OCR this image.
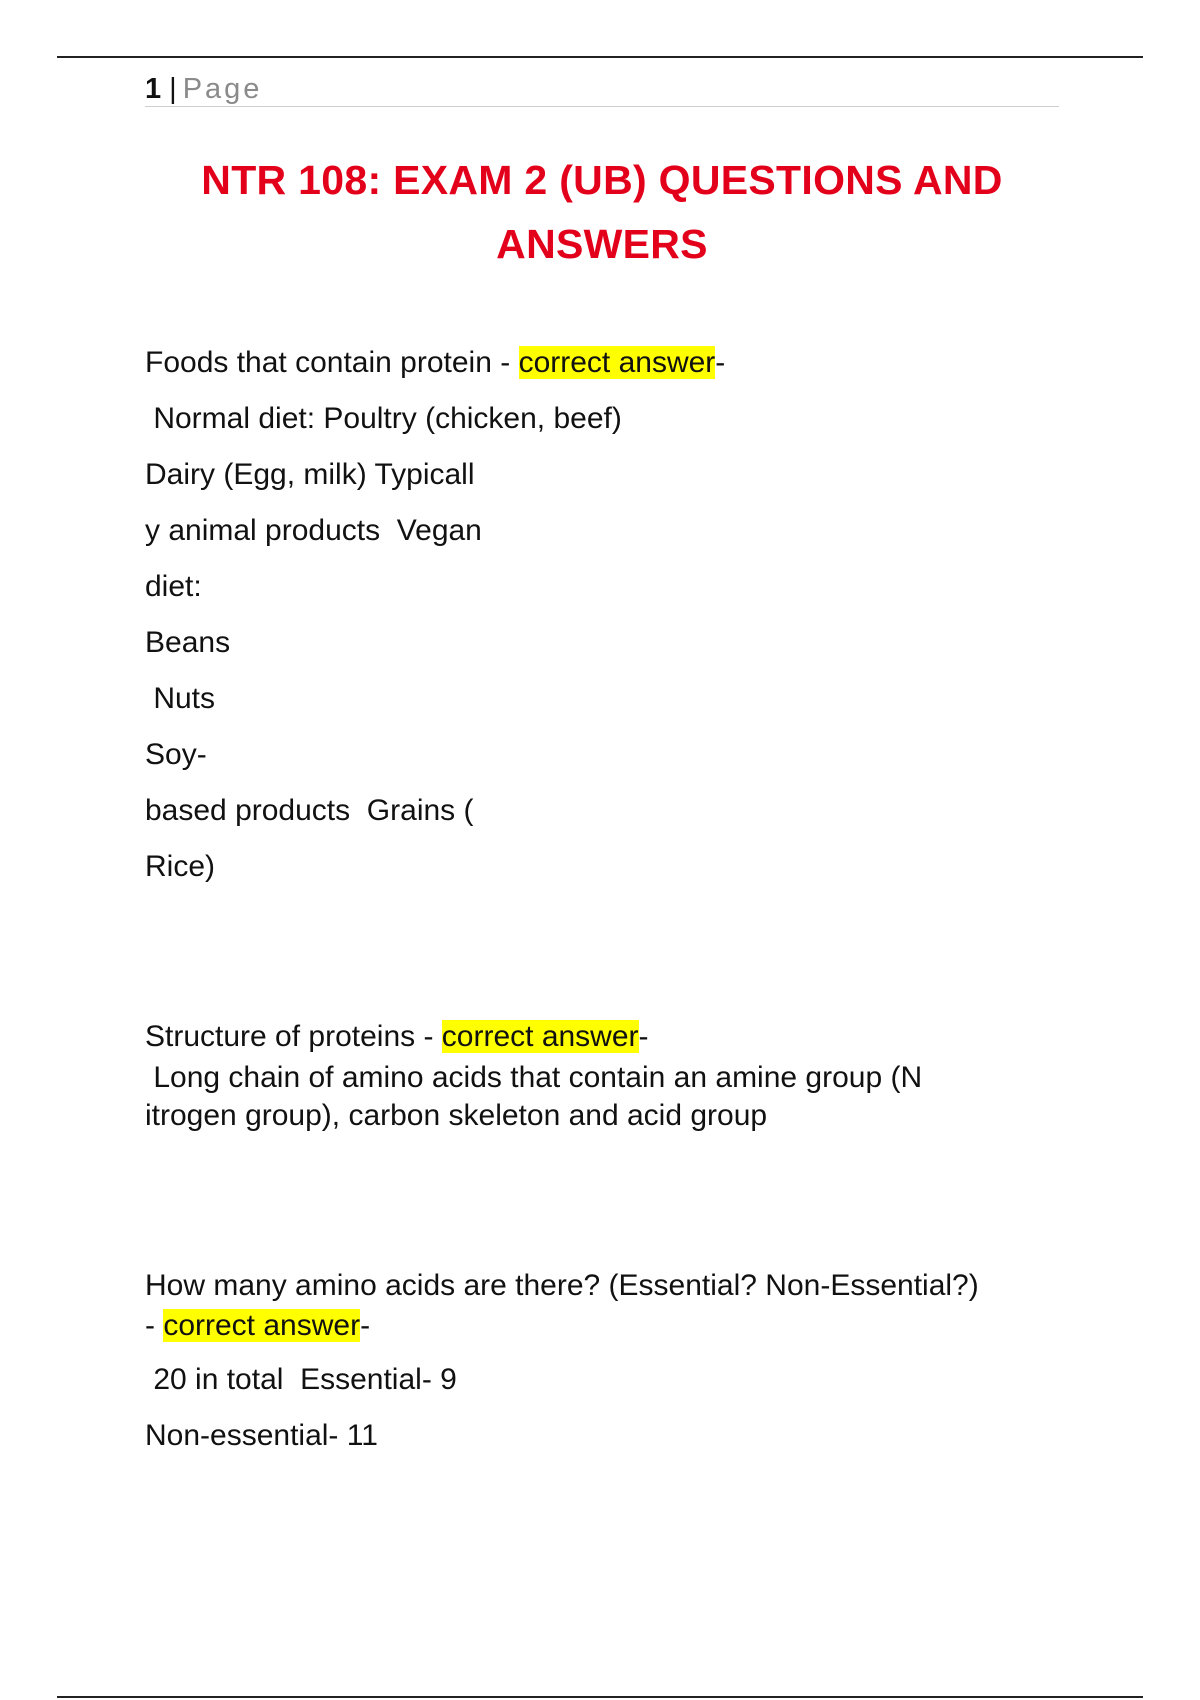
1 | Page
NTR 108: EXAM 2 (UB) QUESTIONS AND ANSWERS
Foods that contain protein - correct answer-
Normal diet: Poultry (chicken, beef)
Dairy (Egg, milk) Typicall
y animal products  Vegan
diet:
Beans
Nuts
Soy-
based products  Grains (
Rice)
Structure of proteins - correct answer-
Long chain of amino acids that contain an amine group (N
itrogen group), carbon skeleton and acid group
How many amino acids are there? (Essential? Non-Essential?)
- correct answer-
20 in total  Essential- 9
Non-essential- 11
